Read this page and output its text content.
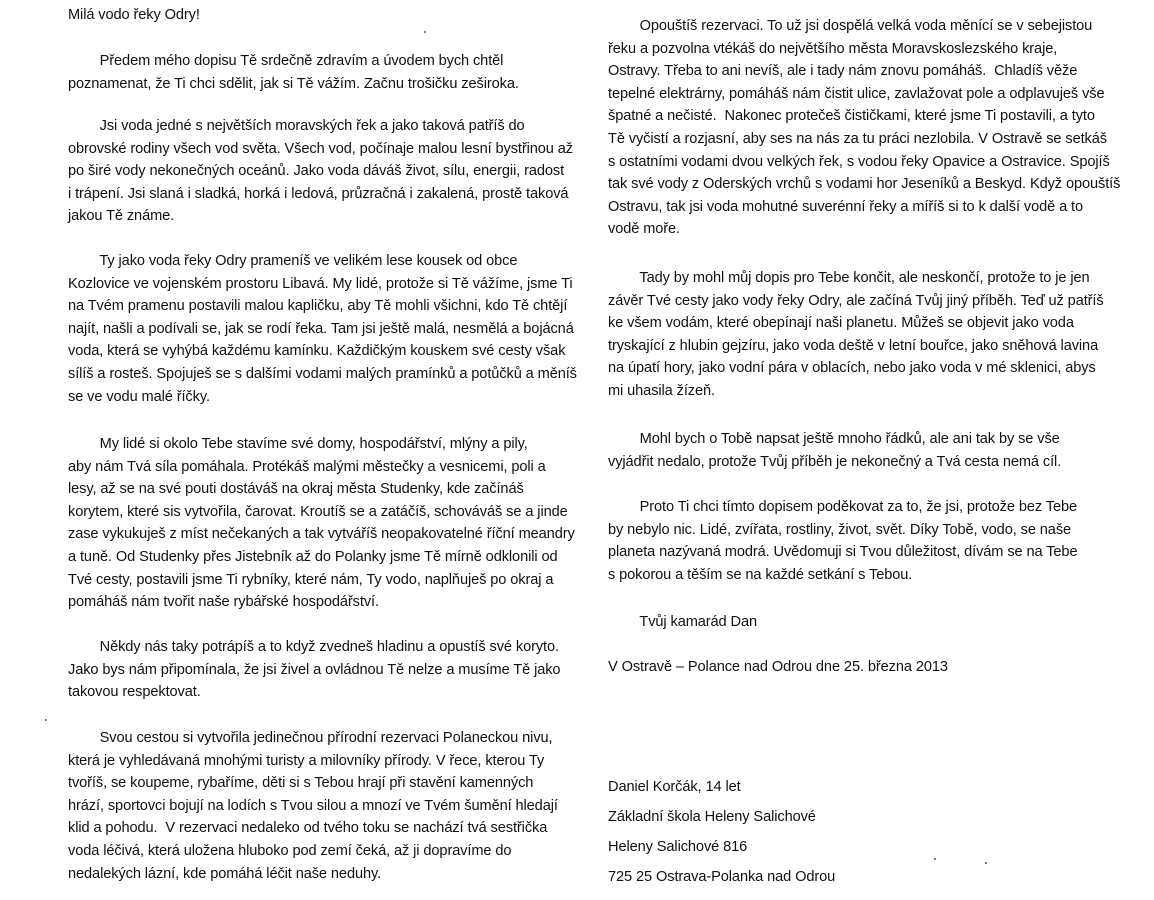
Milá vodo řeky Odry!

Předem mého dopisu Tě srdečně zdravím a úvodem bych chtěl
poznamenat, že Ti chci sdělit, jak si Tě vážím. Začnu trošičku zeširoka.

Jsi voda jedné s největších moravských řek a jako taková patříš do
obrovské rodiny všech vod světa. Všech vod, počínaje malou lesní bystřinou až
po širé vody nekonečných oceánů. Jako voda dáváš život, sílu, energii, radost
i trápení. Jsi slaná i sladká, horká i ledová, průzračná i zakalená, prostě taková
jakou Tě známe.

Ty jako voda řeky Odry prameníš ve velikém lese kousek od obce
Kozlovice ve vojenském prostoru Libavá. My lidé, protože si Tě vážíme, jsme Ti
na Tvém pramenu postavili malou kapličku, aby Tě mohli všichni, kdo Tě chtějí
najít, našli a podívali se, jak se rodí řeka. Tam jsi ještě malá, nesmělá a bojácná
voda, která se vyhýbá každému kamínku. Každičkým kouskem své cesty však
sílíš a rosteš. Spojuješ se s dalšími vodami malých pramínků a potůčků a měníš
se ve vodu malé říčky.

My lidé si okolo Tebe stavíme své domy, hospodářství, mlýny a pily,
aby nám Tvá síla pomáhala. Protékáš malými městečky a vesnicemi, poli a
lesy, až se na své pouti dostáváš na okraj města Studenky, kde začínáš
korytem, které sis vytvořila, čarovat. Kroutíš se a zatáčíš, schováváš se a jinde
zase vykukuješ z míst nečekaných a tak vytváříš neopakovatelné říční meandry
a tuně. Od Studenky přes Jistebník až do Polanky jsme Tě mírně odklonili od
Tvé cesty, postavili jsme Ti rybníky, které nám, Ty vodo, naplňuješ po okraj a
pomáháš nám tvořit naše rybářské hospodářství.

Někdy nás taky potrápíš a to když zvedneš hladinu a opustíš své koryto.
Jako bys nám připomínala, že jsi živel a ovládnou Tě nelze a musíme Tě jako
takovou respektovat.

Svou cestou si vytvořila jedinečnou přírodní rezervaci Polaneckou nivu,
která je vyhledávaná mnohými turisty a milovníky přírody. V řece, kterou Ty
tvoříš, se koupeme, rybaříme, děti si s Tebou hrají při stavění kamenných
hrází, sportovci bojují na lodích s Tvou silou a mnozí ve Tvém šumění hledají
klid a pohodu.  V rezervaci nedaleko od tvého toku se nachází tvá sestřička
voda léčivá, která uložena hluboko pod zemí čeká, až ji dopravíme do
nedalekých lázní, kde pomáhá léčit naše neduhy.

Opouštíš rezervaci. To už jsi dospělá velká voda měnící se v sebejistou
řeku a pozvolna vtékáš do největšího města Moravskoslezského kraje,
Ostravy. Třeba to ani nevíš, ale i tady nám znovu pomáháš.  Chladíš věže
tepelné elektrárny, pomáháš nám čistit ulice, zavlažovat pole a odplavuješ vše
špatné a nečisté.  Nakonec protečeš čističkami, které jsme Ti postavili, a tyto
Tě vyčistí a rozjasní, aby ses na nás za tu práci nezlobila. V Ostravě se setkáš
s ostatními vodami dvou velkých řek, s vodou řeky Opavice a Ostravice. Spojíš
tak své vody z Oderských vrchů s vodami hor Jeseníků a Beskyd. Když opouštíš
Ostravu, tak jsi voda mohutné suverénní řeky a míříš si to k další vodě a to
vodě moře.

Tady by mohl můj dopis pro Tebe končit, ale neskončí, protože to je jen
závěr Tvé cesty jako vody řeky Odry, ale začíná Tvůj jiný příběh. Teď už patříš
ke všem vodám, které obepínají naši planetu. Můžeš se objevit jako voda
tryskající z hlubin gejzíru, jako voda deště v letní bouřce, jako sněhová lavina
na úpatí hory, jako vodní pára v oblacích, nebo jako voda v mé sklenici, abys
mi uhasila žízeň.

Mohl bych o Tobě napsat ještě mnoho řádků, ale ani tak by se vše
vyjádřit nedalo, protože Tvůj příběh je nekonečný a Tvá cesta nemá cíl.

Proto Ti chci tímto dopisem poděkovat za to, že jsi, protože bez Tebe
by nebylo nic. Lidé, zvířata, rostliny, život, svět. Díky Tobě, vodo, se naše
planeta nazývaná modrá. Uvědomuji si Tvou důležitost, dívám se na Tebe
s pokorou a těším se na každé setkání s Tebou.

Tvůj kamarád Dan

V Ostravě – Polance nad Odrou dne 25. března 2013

Daniel Korčák, 14 let

Základní škola Heleny Salichové

Heleny Salichové 816

725 25 Ostrava-Polanka nad Odrou
